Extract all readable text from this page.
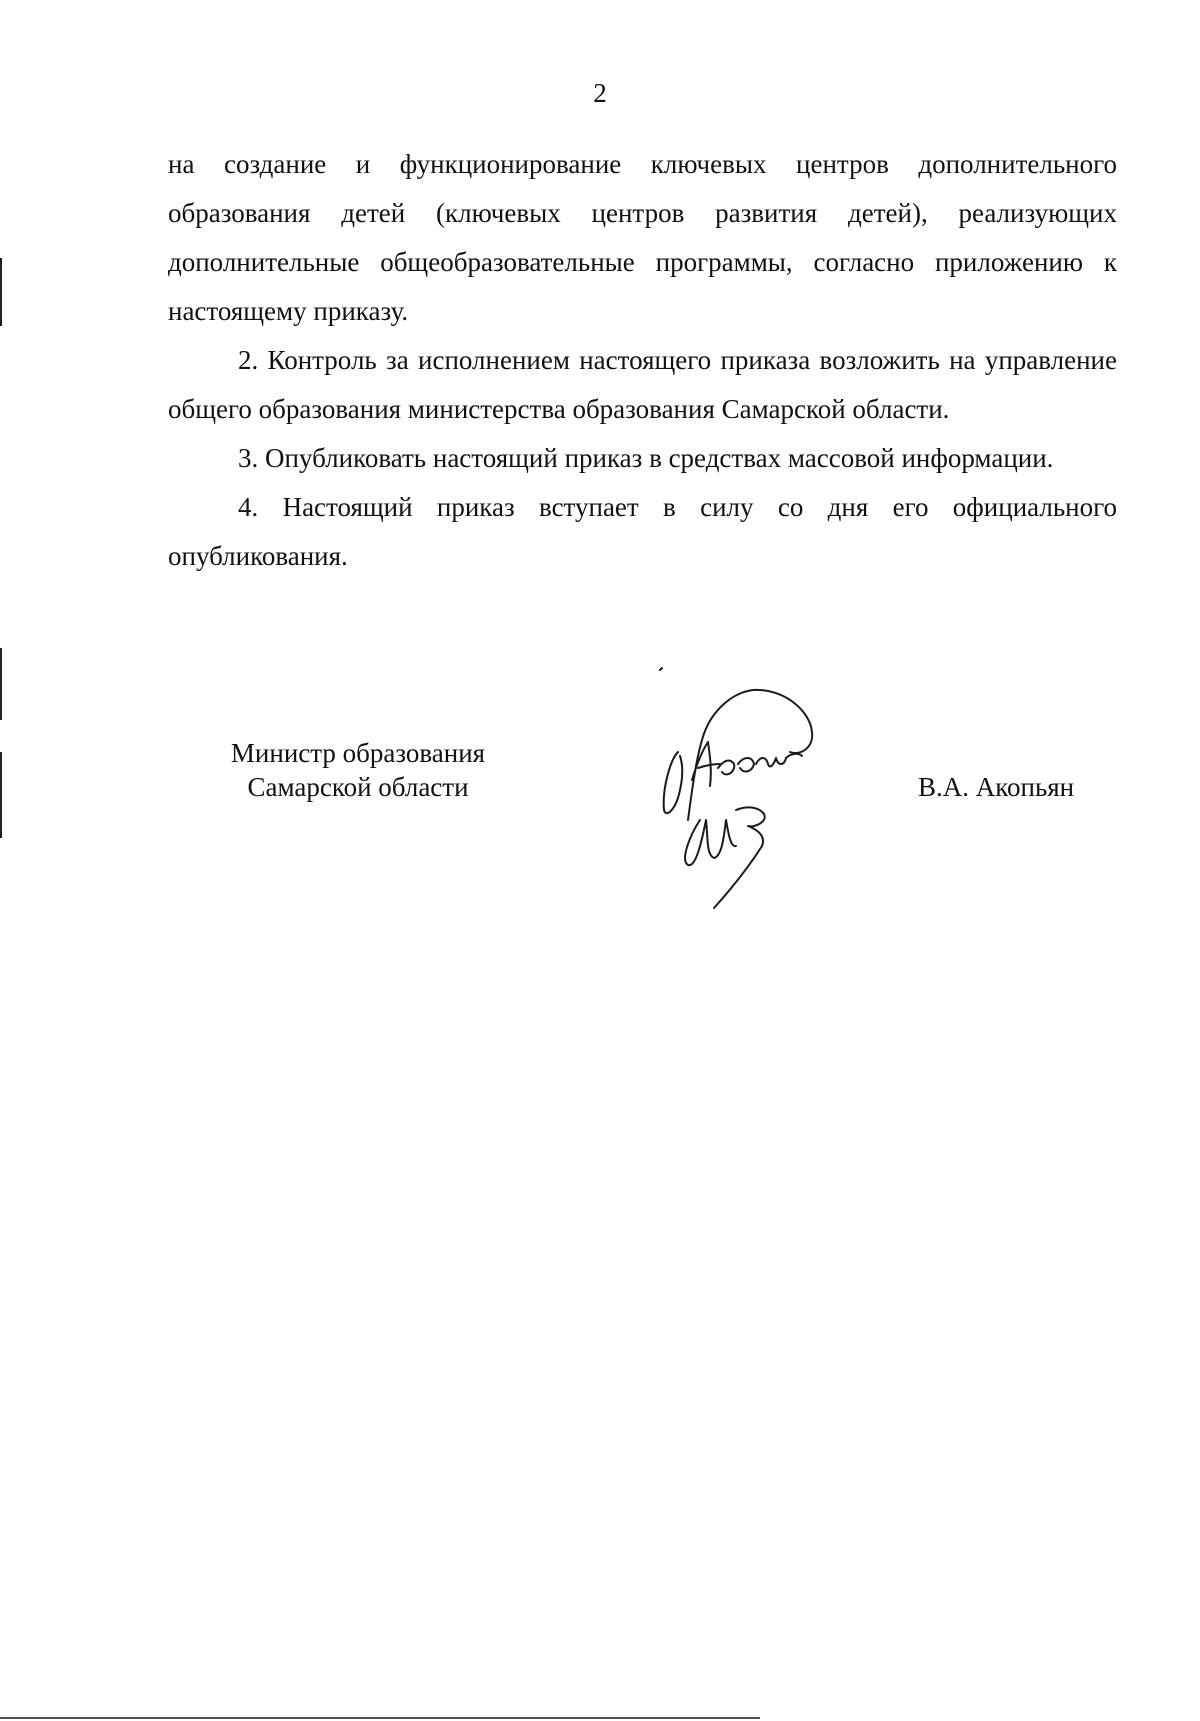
2

на создание и функционирование ключевых центров дополнительного образования детей (ключевых центров развития детей), реализующих дополнительные общеобразовательные программы, согласно приложению к настоящему приказу.

2. Контроль за исполнением настоящего приказа возложить на управление общего образования министерства образования Самарской области.

3. Опубликовать настоящий приказ в средствах массовой информации.

4. Настоящий приказ вступает в силу со дня его официального опубликования.

Министр образования
Самарской области	В.А. Акопьян
